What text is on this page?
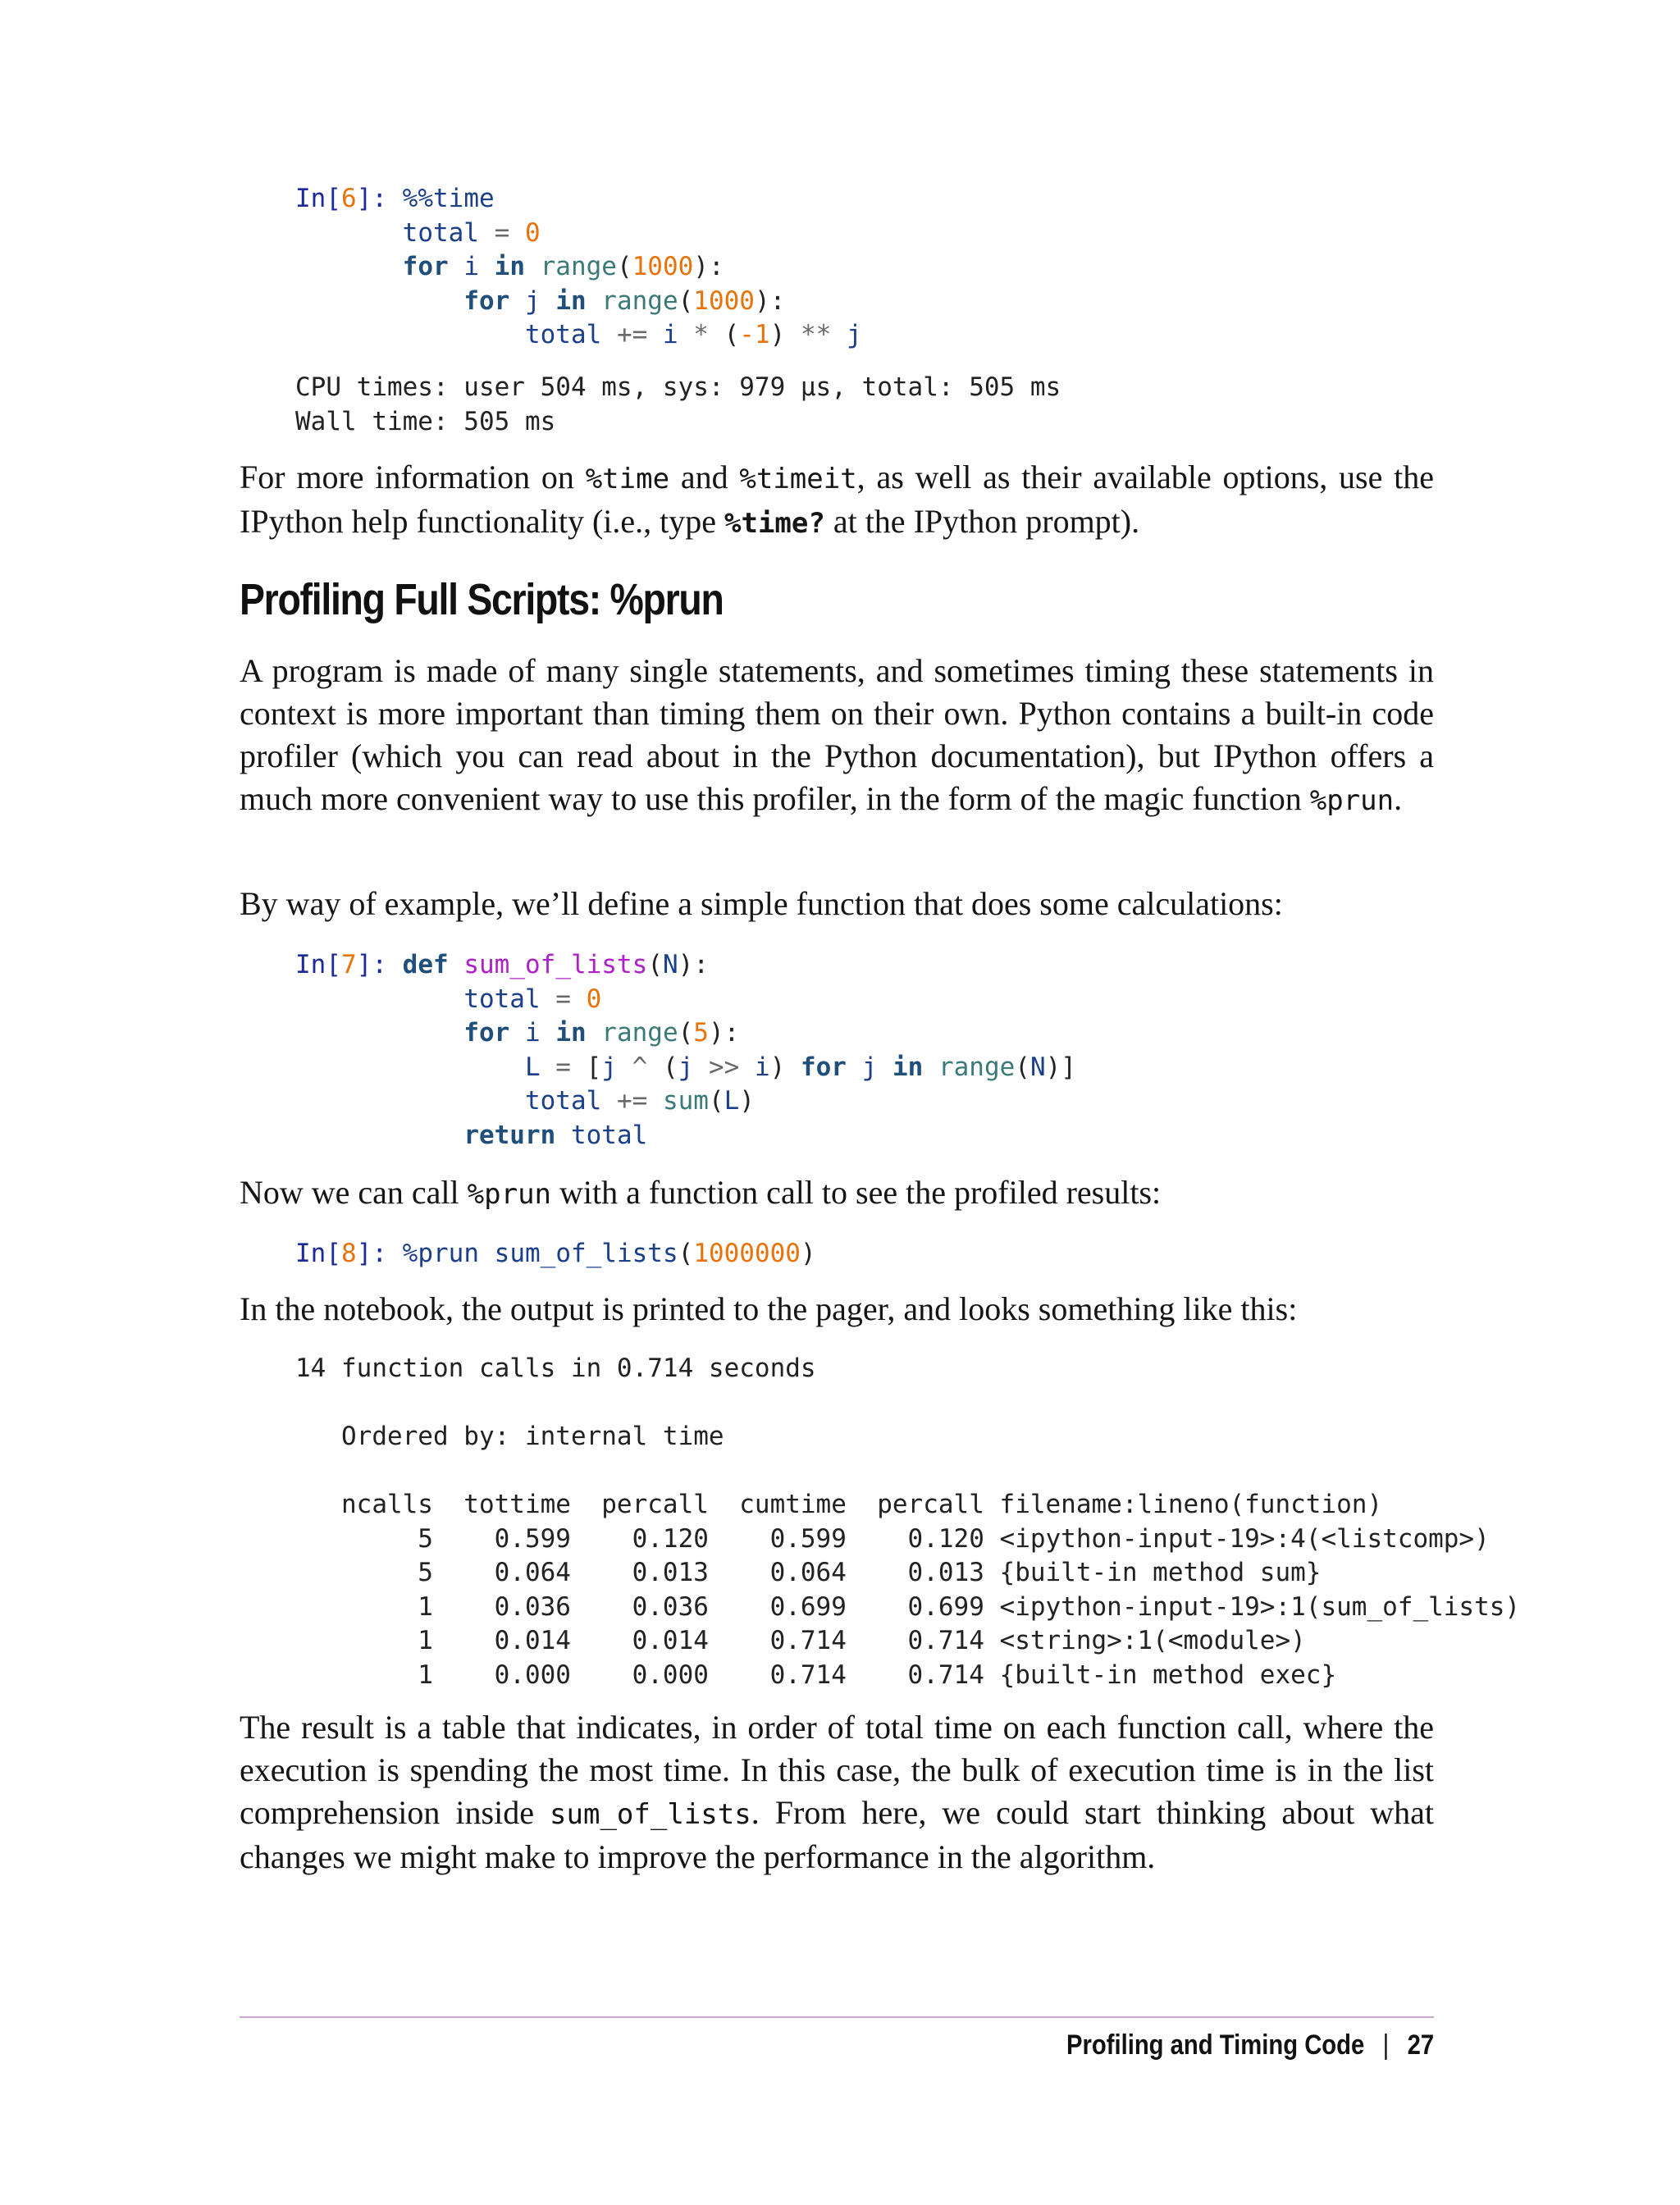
In[6]: %%time
total = 0
for i in range(1000):
for j in range(1000):
total += i * (-1) ** j
CPU times: user 504 ms, sys: 979 µs, total: 505 ms
Wall time: 505 ms

For more information on %time and %timeit, as well as their available options, use the IPython help functionality (i.e., type %time? at the IPython prompt).

Profiling Full Scripts: %prun

A program is made of many single statements, and sometimes timing these statements in context is more important than timing them on their own. Python contains a built-in code profiler (which you can read about in the Python documentation), but IPython offers a much more convenient way to use this profiler, in the form of the magic function %prun.

By way of example, we’ll define a simple function that does some calculations:

In[7]: def sum_of_lists(N):
total = 0
for i in range(5):
L = [j ^ (j >> i) for j in range(N)]
total += sum(L)
return total

Now we can call %prun with a function call to see the profiled results:

In[8]: %prun sum_of_lists(1000000)

In the notebook, the output is printed to the pager, and looks something like this:

14 function calls in 0.714 seconds

Ordered by: internal time

ncalls  tottime  percall  cumtime  percall filename:lineno(function)
5    0.599    0.120    0.599    0.120 <ipython-input-19>:4(<listcomp>)
5    0.064    0.013    0.064    0.013 {built-in method sum}
1    0.036    0.036    0.699    0.699 <ipython-input-19>:1(sum_of_lists)
1    0.014    0.014    0.714    0.714 <string>:1(<module>)
1    0.000    0.000    0.714    0.714 {built-in method exec}

The result is a table that indicates, in order of total time on each function call, where the execution is spending the most time. In this case, the bulk of execution time is in the list comprehension inside sum_of_lists. From here, we could start thinking about what changes we might make to improve the performance in the algorithm.

Profiling and Timing Code | 27
